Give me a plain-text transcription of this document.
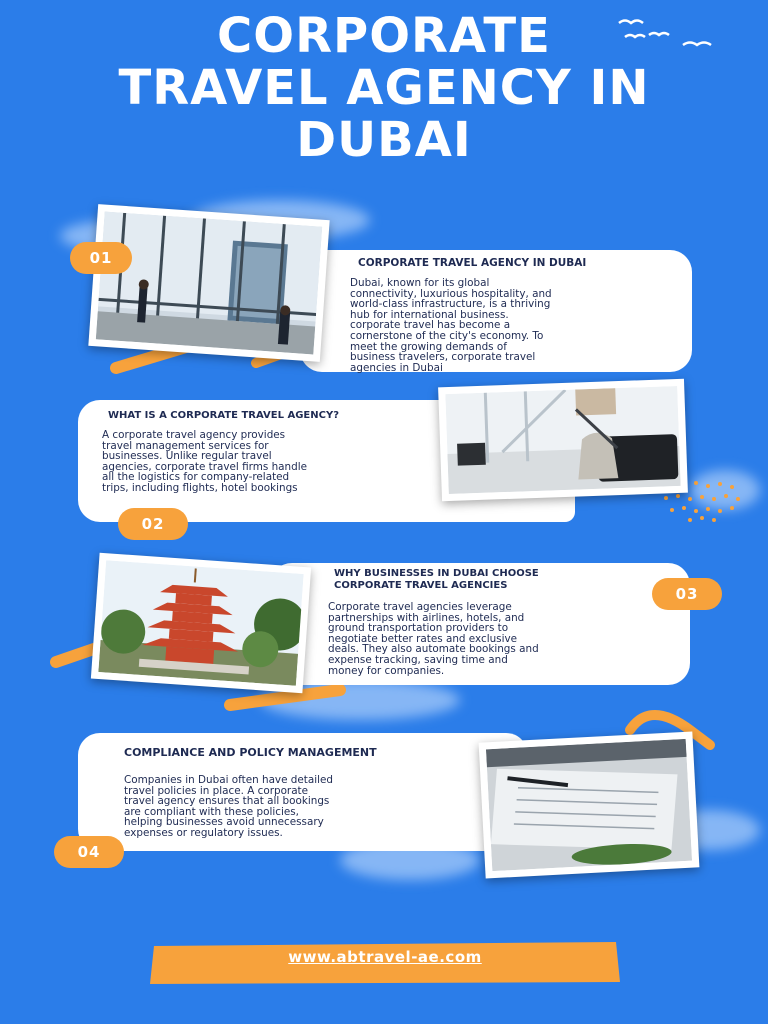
CORPORATE
TRAVEL AGENCY IN
DUBAI
CORPORATE TRAVEL AGENCY IN DUBAI

Dubai, known for its global
connectivity, luxurious hospitality, and
world-class infrastructure, is a thriving
hub for international business.
corporate travel has become a
cornerstone of the city's economy. To
meet the growing demands of
business travelers, corporate travel
agencies in Dubai

01
WHAT IS A CORPORATE TRAVEL AGENCY?

A corporate travel agency provides
travel management services for
businesses. Unlike regular travel
agencies, corporate travel firms handle
all the logistics for company-related
trips, including flights, hotel bookings

02
WHY BUSINESSES IN DUBAI CHOOSE
CORPORATE TRAVEL AGENCIES

Corporate travel agencies leverage
partnerships with airlines, hotels, and
ground transportation providers to
negotiate better rates and exclusive
deals. They also automate bookings and
expense tracking, saving time and
money for companies.

03
COMPLIANCE AND POLICY MANAGEMENT

Companies in Dubai often have detailed
travel policies in place. A corporate
travel agency ensures that all bookings
are compliant with these policies,
helping businesses avoid unnecessary
expenses or regulatory issues.

04
www.abtravel-ae.com
